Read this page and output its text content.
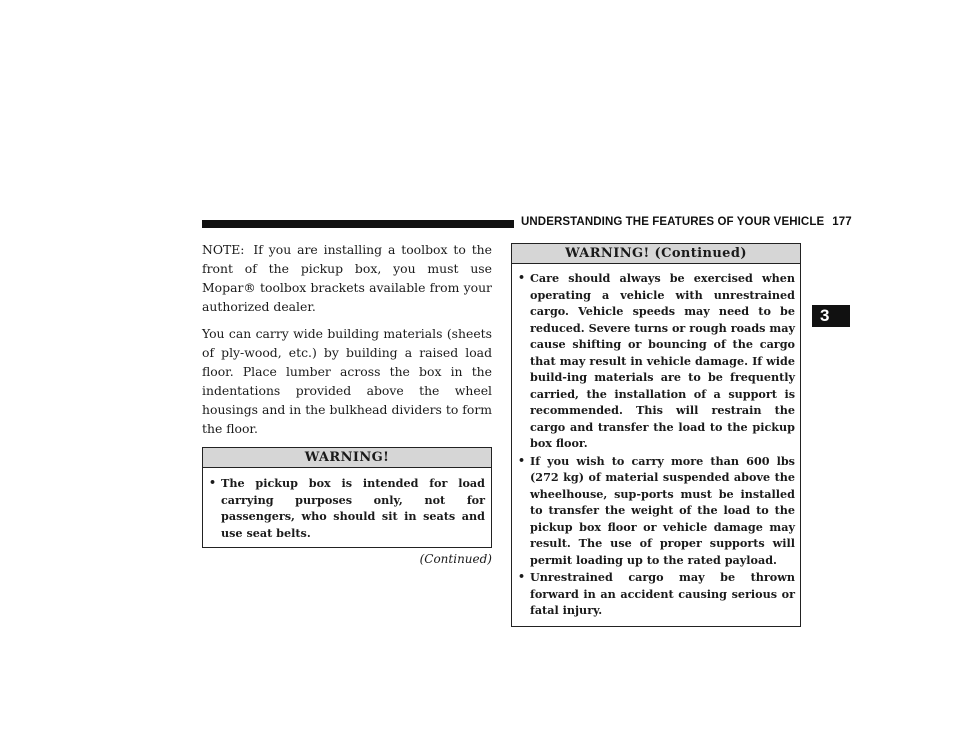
UNDERSTANDING THE FEATURES OF YOUR VEHICLE 177
3

NOTE: If you are installing a toolbox to the front of the pickup box, you must use Mopar® toolbox brackets available from your authorized dealer.

You can carry wide building materials (sheets of ply-wood, etc.) by building a raised load floor. Place lumber across the box in the indentations provided above the wheel housings and in the bulkhead dividers to form the floor.

WARNING!
• The pickup box is intended for load carrying purposes only, not for passengers, who should sit in seats and use seat belts.
(Continued)
WARNING! (Continued)
• Care should always be exercised when operating a vehicle with unrestrained cargo. Vehicle speeds may need to be reduced. Severe turns or rough roads may cause shifting or bouncing of the cargo that may result in vehicle damage. If wide build-ing materials are to be frequently carried, the installation of a support is recommended. This will restrain the cargo and transfer the load to the pickup box floor.
• If you wish to carry more than 600 lbs (272 kg) of material suspended above the wheelhouse, sup-ports must be installed to transfer the weight of the load to the pickup box floor or vehicle damage may result. The use of proper supports will permit loading up to the rated payload.
• Unrestrained cargo may be thrown forward in an accident causing serious or fatal injury.
